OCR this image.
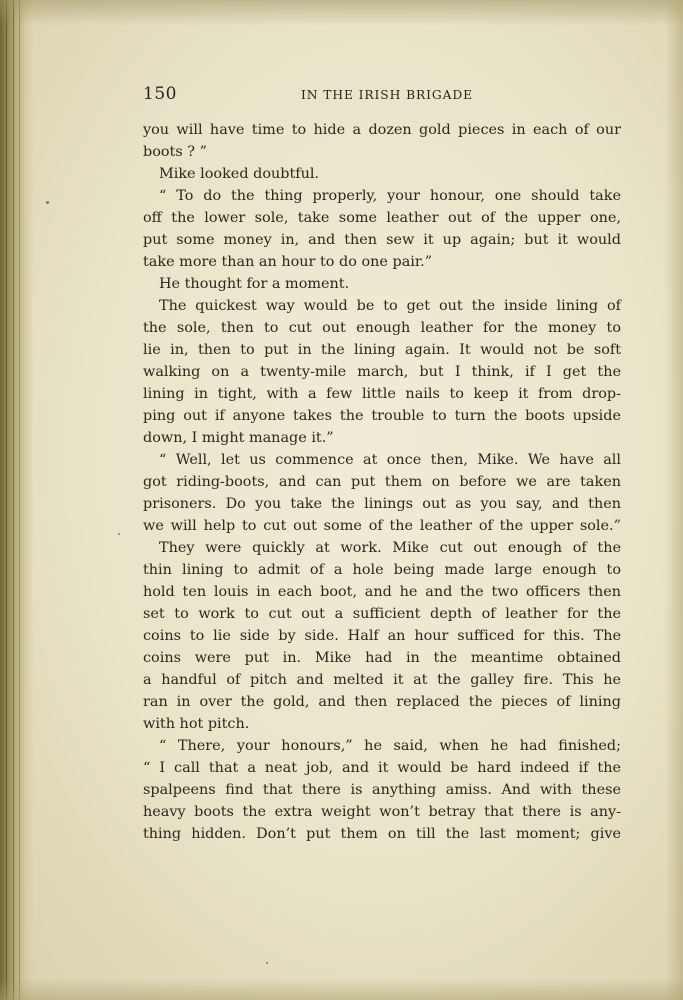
150	IN THE IRISH BRIGADE
you will have time to hide a dozen gold pieces in each of our
boots ? ”
Mike looked doubtful.
“ To do the thing properly, your honour, one should take
off the lower sole, take some leather out of the upper one,
put some money in, and then sew it up again; but it would
take more than an hour to do one pair.”
He thought for a moment.
The quickest way would be to get out the inside lining of
the sole, then to cut out enough leather for the money to
lie in, then to put in the lining again. It would not be soft
walking on a twenty-mile march, but I think, if I get the
lining in tight, with a few little nails to keep it from drop-
ping out if anyone takes the trouble to turn the boots upside
down, I might manage it.”
“ Well, let us commence at once then, Mike. We have all
got riding-boots, and can put them on before we are taken
prisoners. Do you take the linings out as you say, and then
we will help to cut out some of the leather of the upper sole.”
They were quickly at work. Mike cut out enough of the
thin lining to admit of a hole being made large enough to
hold ten louis in each boot, and he and the two officers then
set to work to cut out a sufficient depth of leather for the
coins to lie side by side. Half an hour sufficed for this. The
coins were put in. Mike had in the meantime obtained
a handful of pitch and melted it at the galley fire. This he
ran in over the gold, and then replaced the pieces of lining
with hot pitch.
“ There, your honours,” he said, when he had finished;
“ I call that a neat job, and it would be hard indeed if the
spalpeens find that there is anything amiss. And with these
heavy boots the extra weight won’t betray that there is any-
thing hidden. Don’t put them on till the last moment; give
